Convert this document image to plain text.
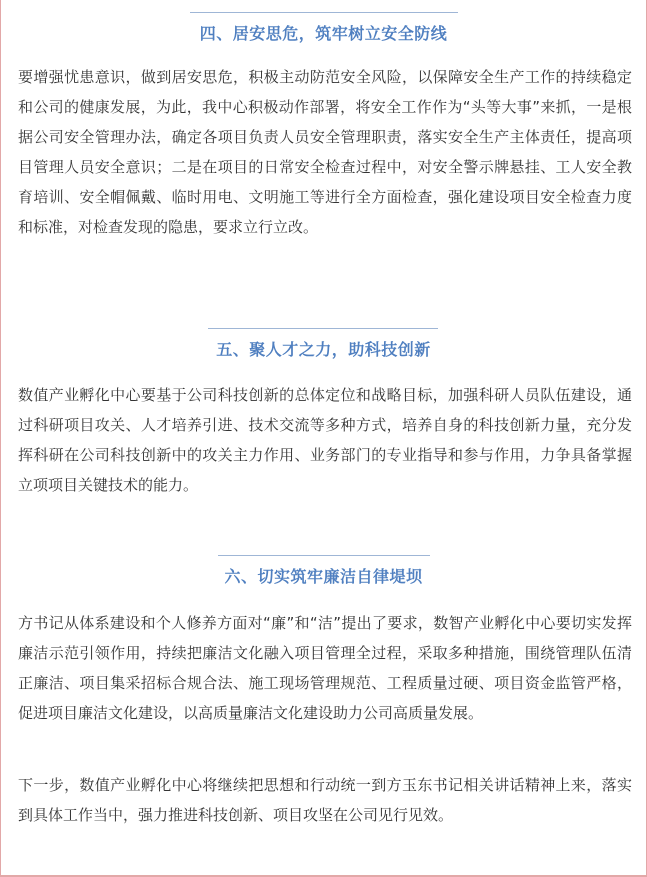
四、居安思危，筑牢树立安全防线

要增强忧患意识，做到居安思危，积极主动防范安全风险，以保障安全生产工作的持续稳定和公司的健康发展，为此，我中心积极动作部署，将安全工作作为“头等大事”来抓，一是根据公司安全管理办法，确定各项目负责人员安全管理职责，落实安全生产主体责任，提高项目管理人员安全意识；二是在项目的日常安全检查过程中，对安全警示牌悬挂、工人安全教育培训、安全帽佩戴、临时用电、文明施工等进行全方面检查，强化建设项目安全检查力度和标准，对检查发现的隐患，要求立行立改。

五、聚人才之力，助科技创新

数值产业孵化中心要基于公司科技创新的总体定位和战略目标，加强科研人员队伍建设，通过科研项目攻关、人才培养引进、技术交流等多种方式，培养自身的科技创新力量，充分发挥科研在公司科技创新中的攻关主力作用、业务部门的专业指导和参与作用，力争具备掌握立项项目关键技术的能力。

六、切实筑牢廉洁自律堤坝

方书记从体系建设和个人修养方面对“廉”和“洁”提出了要求，数智产业孵化中心要切实发挥廉洁示范引领作用，持续把廉洁文化融入项目管理全过程，采取多种措施，围绕管理队伍清正廉洁、项目集采招标合规合法、施工现场管理规范、工程质量过硬、项目资金监管严格，促进项目廉洁文化建设，以高质量廉洁文化建设助力公司高质量发展。

下一步，数值产业孵化中心将继续把思想和行动统一到方玉东书记相关讲话精神上来，落实到具体工作当中，强力推进科技创新、项目攻坚在公司见行见效。
